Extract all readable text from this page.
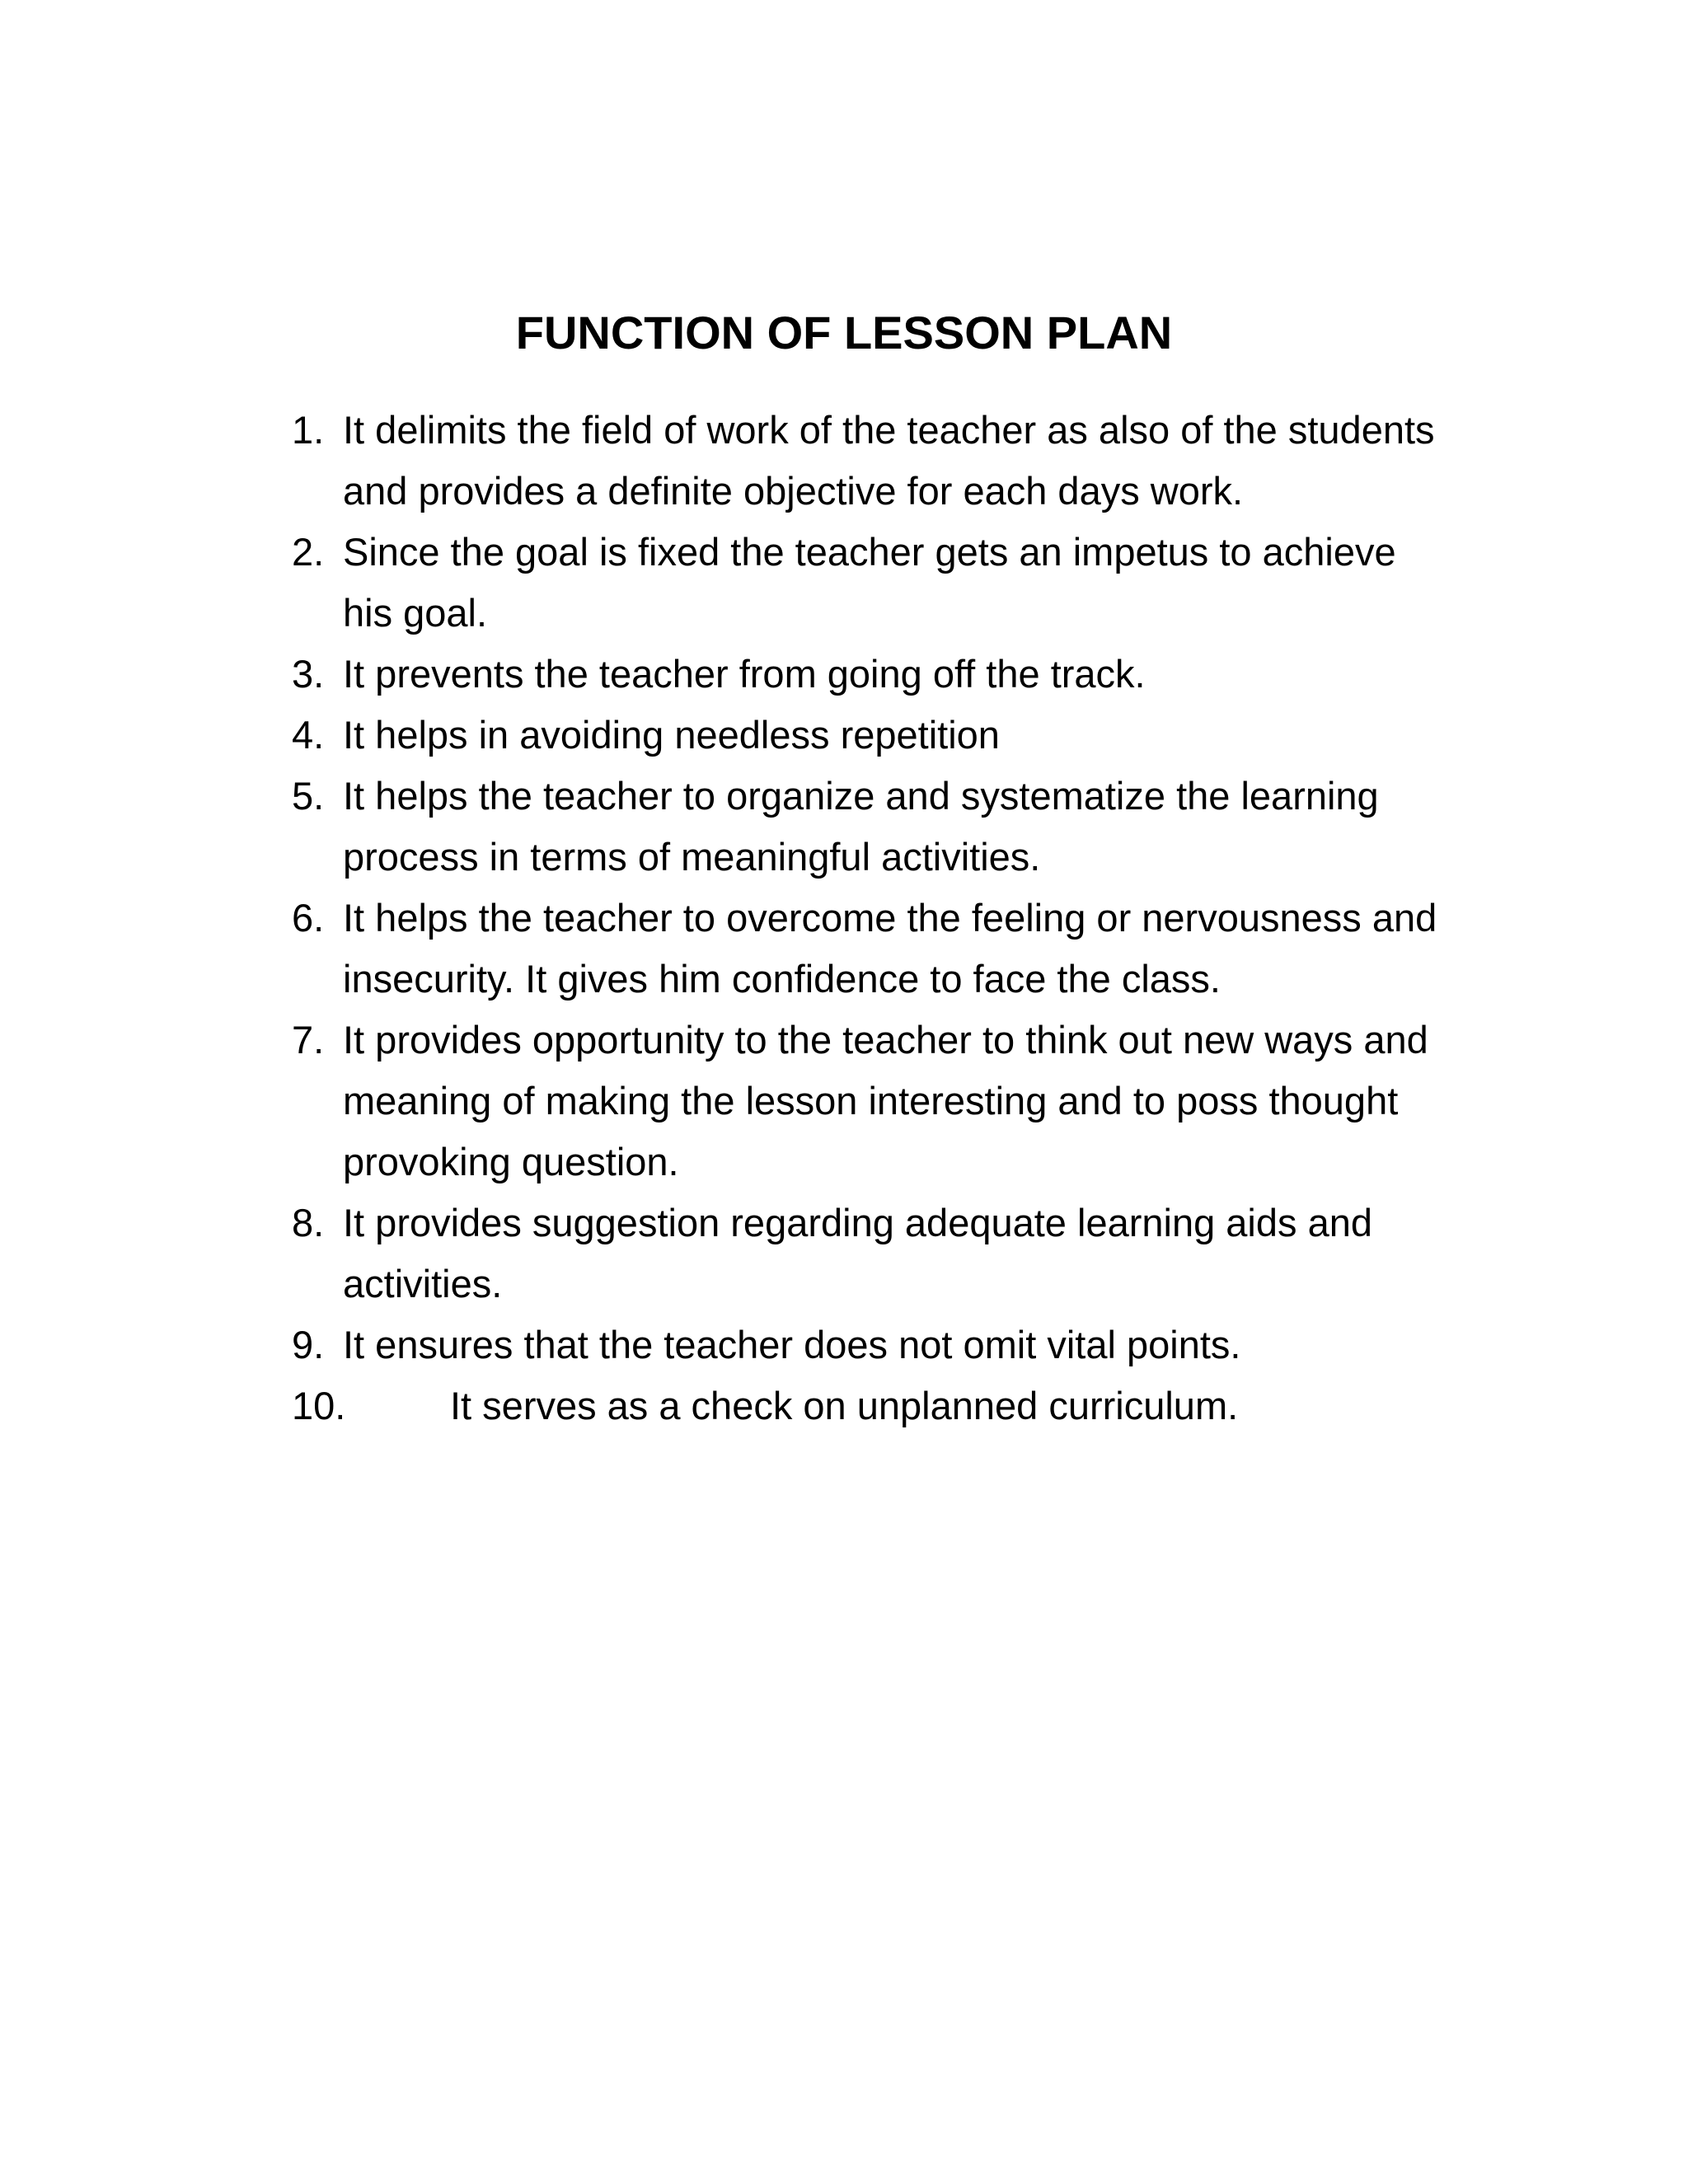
FUNCTION OF LESSON PLAN
1. It delimits the field of work of the teacher as also of the students and provides a definite objective for each days work.
2. Since the goal is fixed the teacher gets an impetus to achieve his goal.
3. It prevents the teacher from going off the track.
4. It helps in avoiding needless repetition
5. It helps the teacher to organize and systematize the learning process in terms of meaningful activities.
6. It helps the teacher to overcome the feeling or nervousness and insecurity. It gives him confidence to face the class.
7. It provides opportunity to the teacher to think out new ways and meaning of making the lesson interesting and to poss thought provoking question.
8. It provides suggestion regarding adequate learning aids and activities.
9. It ensures that the teacher does not omit vital points.
10.	It serves as a check on unplanned curriculum.
